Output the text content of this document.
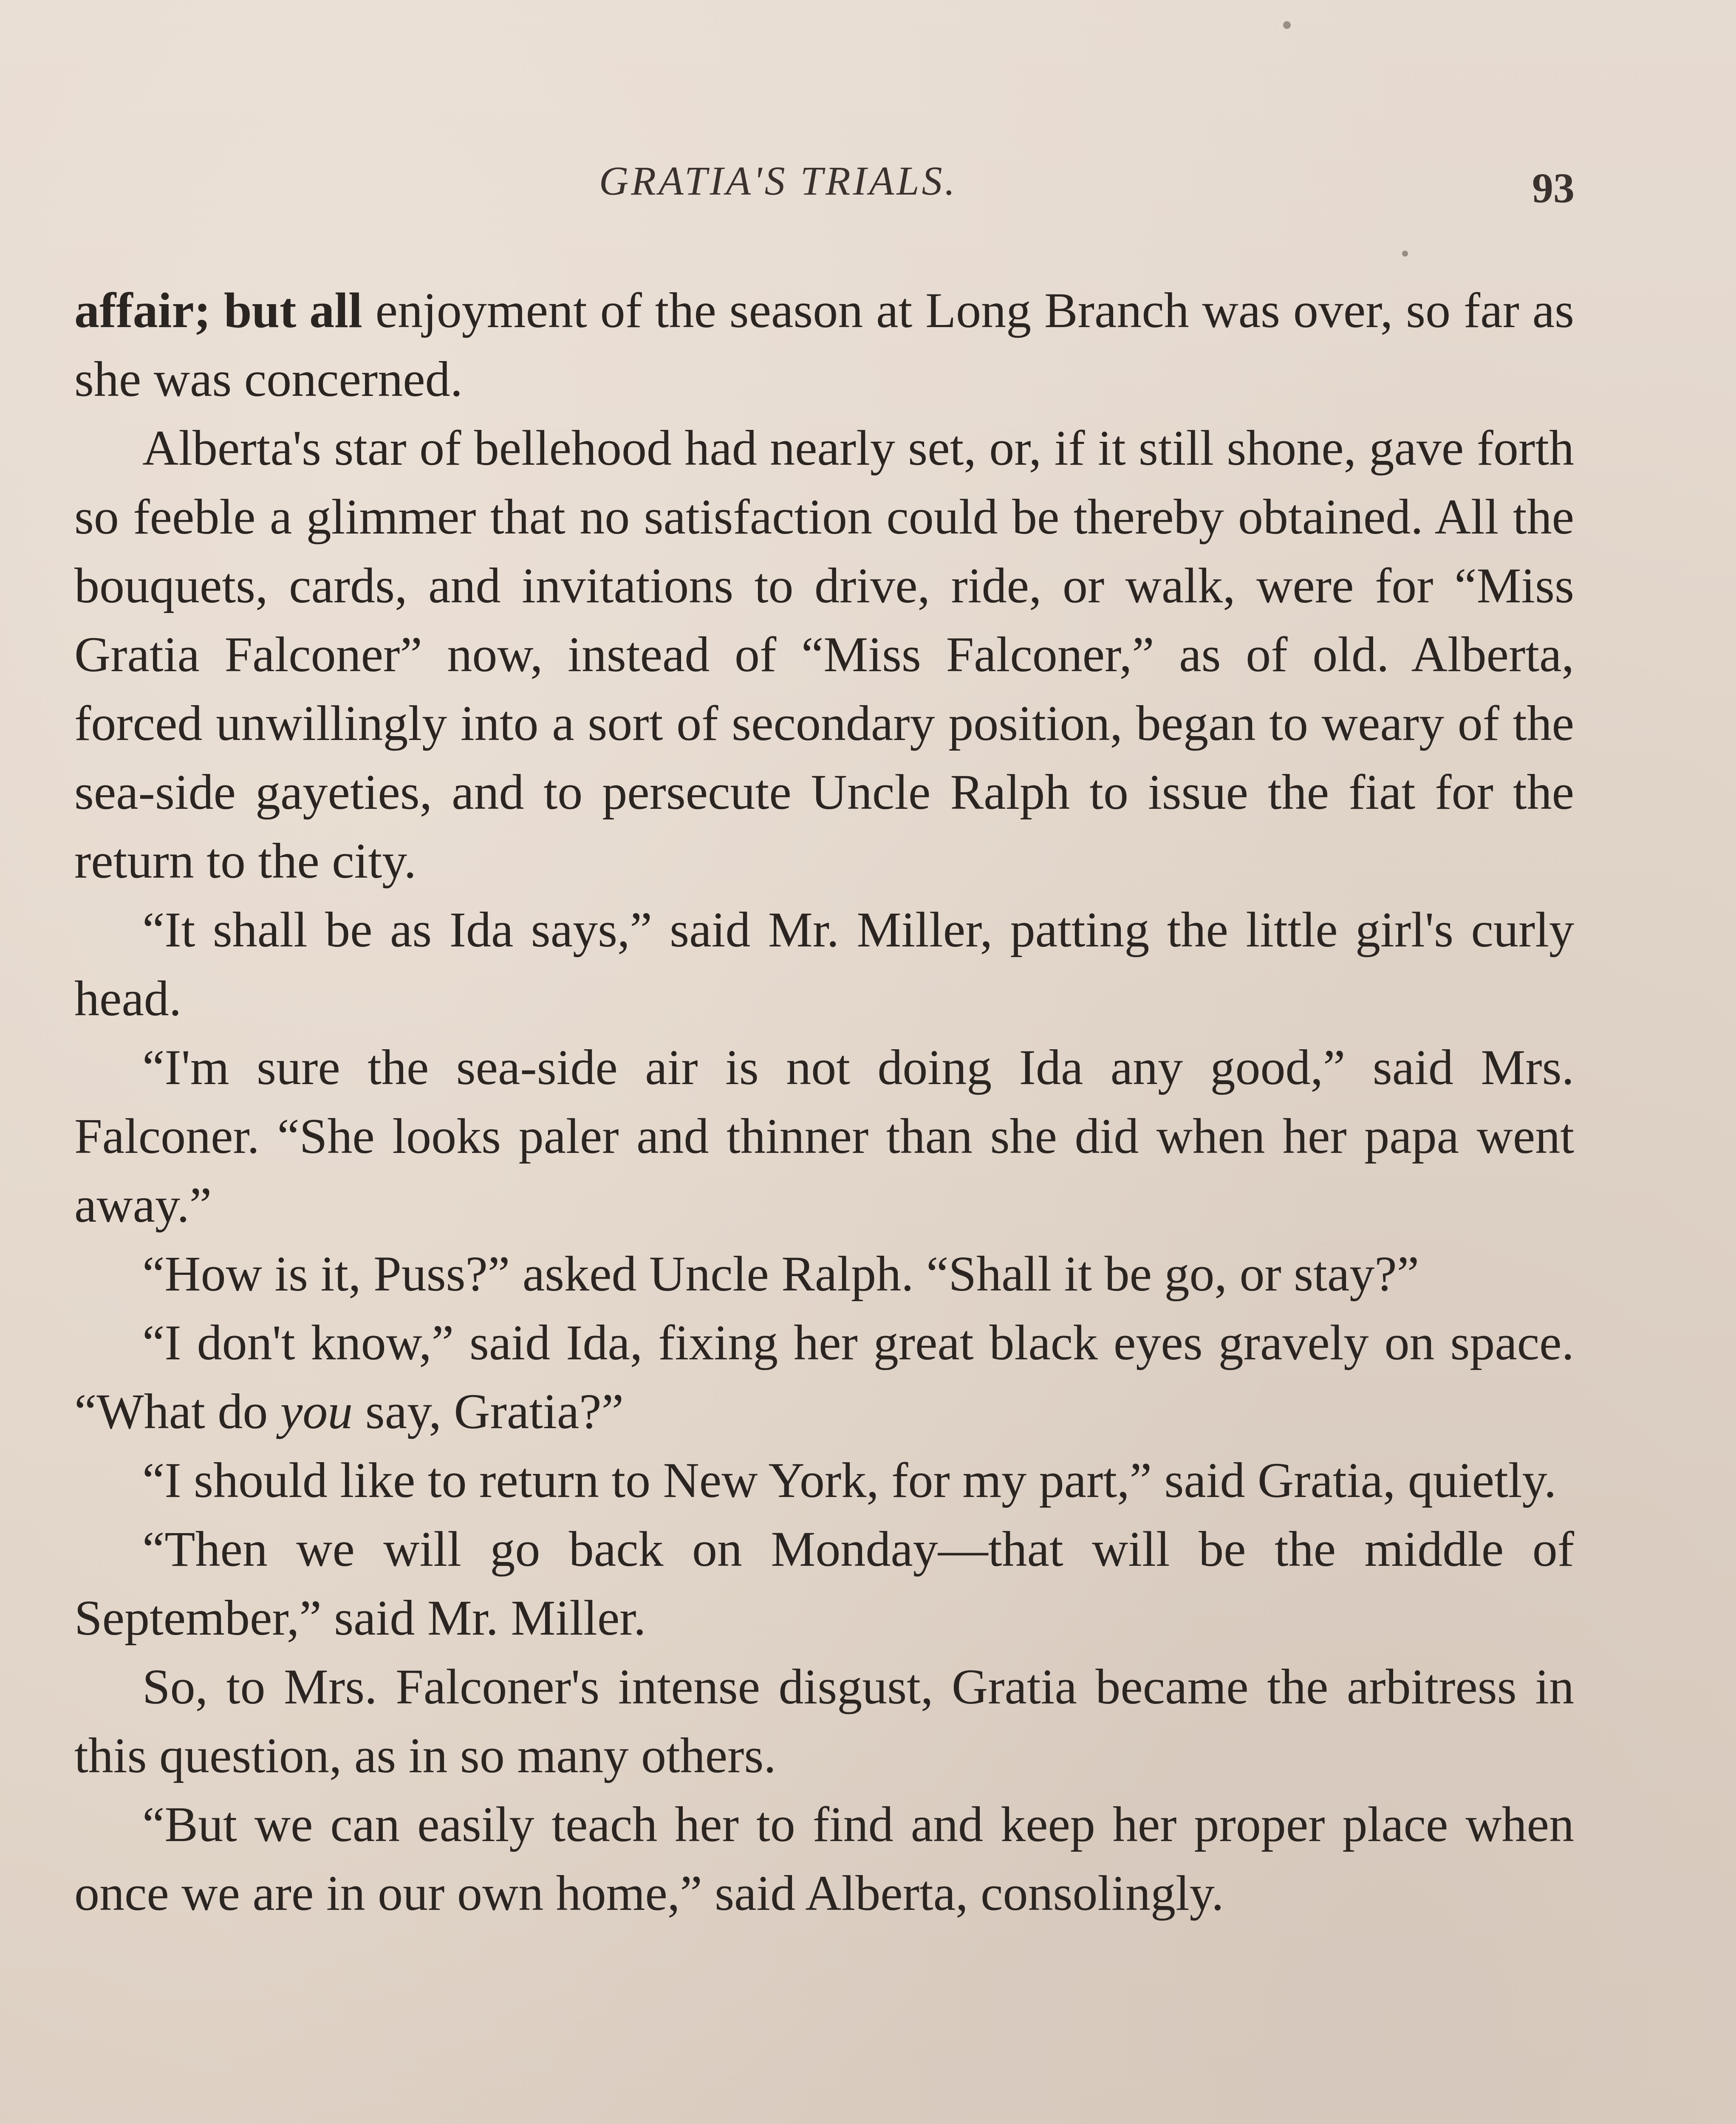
GRATIA'S TRIALS.	93

affair; but all enjoyment of the season at Long Branch was over, so far as she was concerned.

Alberta's star of bellehood had nearly set, or, if it still shone, gave forth so feeble a glimmer that no satisfaction could be thereby obtained. All the bouquets, cards, and invitations to drive, ride, or walk, were for “Miss Gratia Falconer” now, instead of “Miss Falconer,” as of old. Alberta, forced unwillingly into a sort of secondary position, began to weary of the sea-side gayeties, and to persecute Uncle Ralph to issue the fiat for the return to the city.

“It shall be as Ida says,” said Mr. Miller, patting the little girl's curly head.

“I'm sure the sea-side air is not doing Ida any good,” said Mrs. Falconer. “She looks paler and thinner than she did when her papa went away.”

“How is it, Puss?” asked Uncle Ralph. “Shall it be go, or stay?”

“I don't know,” said Ida, fixing her great black eyes gravely on space. “What do you say, Gratia?”

“I should like to return to New York, for my part,” said Gratia, quietly.

“Then we will go back on Monday—that will be the middle of September,” said Mr. Miller.

So, to Mrs. Falconer's intense disgust, Gratia became the arbitress in this question, as in so many others.

“But we can easily teach her to find and keep her proper place when once we are in our own home,” said Alberta, consolingly.
